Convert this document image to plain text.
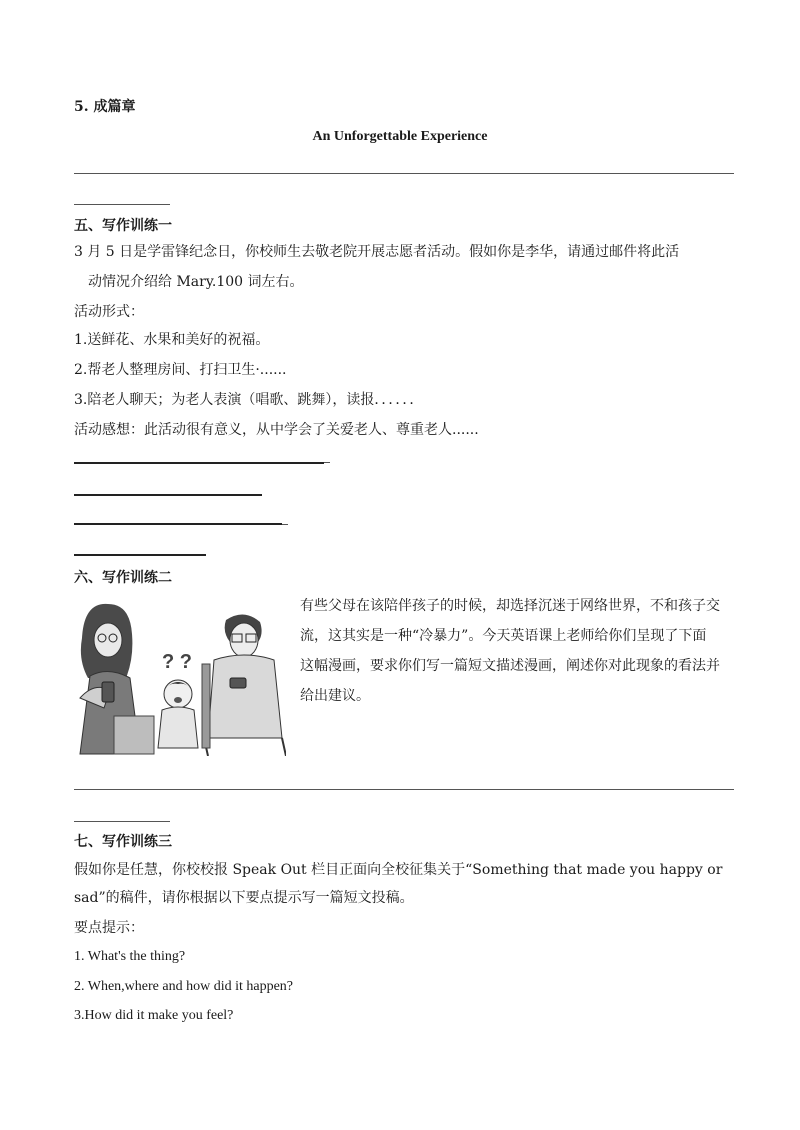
5. 成篇章
An Unforgettable Experience
五、写作训练一
3 月 5 日是学雷锋纪念日，你校师生去敬老院开展志愿者活动。假如你是李华，请通过邮件将此活
动情况介绍给 Mary.100 词左右。
活动形式：
1.送鲜花、水果和美好的祝福。
2.帮老人整理房间、打扫卫生·......
3.陪老人聊天；为老人表演（唱歌、跳舞），读报．．．．．．
活动感想：此活动很有意义，从中学会了关爱老人、尊重老人......
六、写作训练二
? ?
有些父母在该陪伴孩子的时候，却选择沉迷于网络世界，不和孩子交
流，这其实是一种“冷暴力”。今天英语课上老师给你们呈现了下面
这幅漫画，要求你们写一篇短文描述漫画，阐述你对此现象的看法并
给出建议。
七、写作训练三
假如你是任慧，你校校报 Speak Out 栏目正面向全校征集关于“Something that made you happy or
sad”的稿件，请你根据以下要点提示写一篇短文投稿。
要点提示：
1. What's the thing?
2. When,where and how did it happen?
3.How did it make you feel?
